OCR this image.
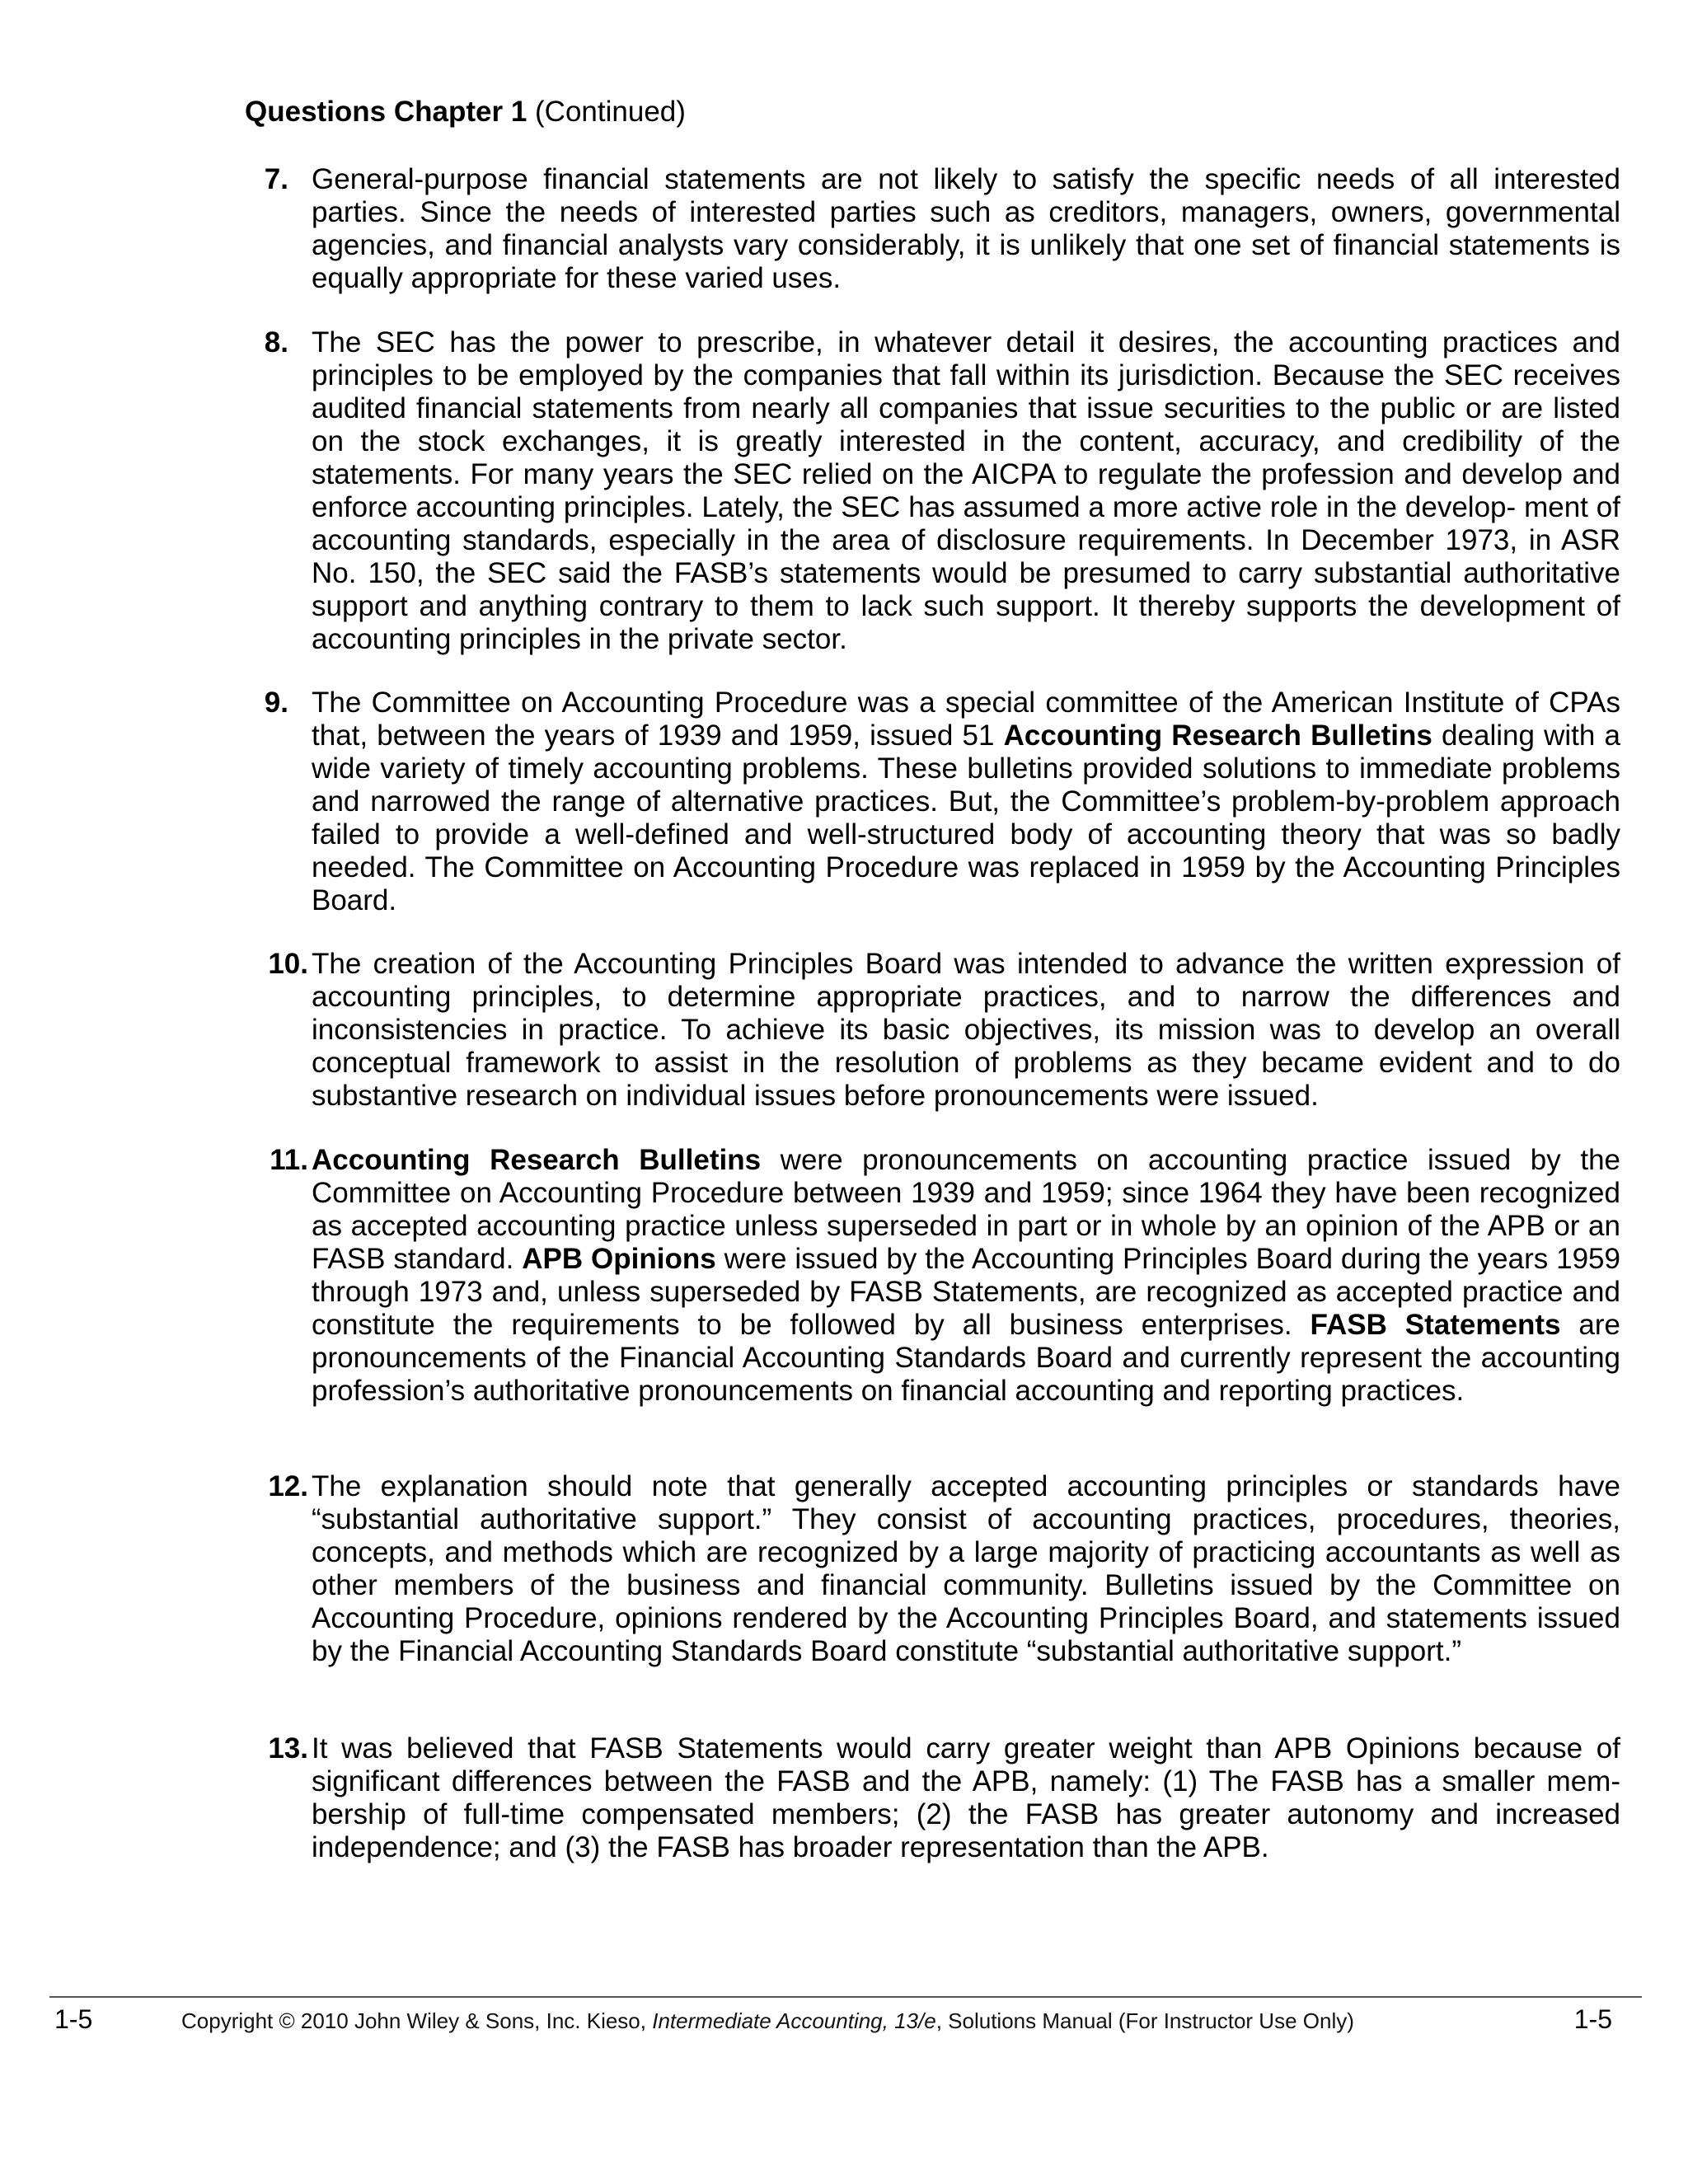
Questions Chapter 1 (Continued)
7. General-purpose financial statements are not likely to satisfy the specific needs of all interested parties. Since the needs of interested parties such as creditors, managers, owners, governmental agencies, and financial analysts vary considerably, it is unlikely that one set of financial statements is equally appropriate for these varied uses.
8. The SEC has the power to prescribe, in whatever detail it desires, the accounting practices and principles to be employed by the companies that fall within its jurisdiction. Because the SEC receives audited financial statements from nearly all companies that issue securities to the public or are listed on the stock exchanges, it is greatly interested in the content, accuracy, and credibility of the statements. For many years the SEC relied on the AICPA to regulate the profession and develop and enforce accounting principles. Lately, the SEC has assumed a more active role in the develop- ment of accounting standards, especially in the area of disclosure requirements. In December 1973, in ASR No. 150, the SEC said the FASB’s statements would be presumed to carry substantial authoritative support and anything contrary to them to lack such support. It thereby supports the development of accounting principles in the private sector.
9. The Committee on Accounting Procedure was a special committee of the American Institute of CPAs that, between the years of 1939 and 1959, issued 51 Accounting Research Bulletins dealing with a wide variety of timely accounting problems. These bulletins provided solutions to immediate problems and narrowed the range of alternative practices. But, the Committee’s problem-by-problem approach failed to provide a well-defined and well-structured body of accounting theory that was so badly needed. The Committee on Accounting Procedure was replaced in 1959 by the Accounting Principles Board.
10. The creation of the Accounting Principles Board was intended to advance the written expression of accounting principles, to determine appropriate practices, and to narrow the differences and inconsistencies in practice. To achieve its basic objectives, its mission was to develop an overall conceptual framework to assist in the resolution of problems as they became evident and to do substantive research on individual issues before pronouncements were issued.
11. Accounting Research Bulletins were pronouncements on accounting practice issued by the Committee on Accounting Procedure between 1939 and 1959; since 1964 they have been recognized as accepted accounting practice unless superseded in part or in whole by an opinion of the APB or an FASB standard. APB Opinions were issued by the Accounting Principles Board during the years 1959 through 1973 and, unless superseded by FASB Statements, are recognized as accepted practice and constitute the requirements to be followed by all business enterprises. FASB Statements are pronouncements of the Financial Accounting Standards Board and currently represent the accounting profession’s authoritative pronouncements on financial accounting and reporting practices.
12. The explanation should note that generally accepted accounting principles or standards have “substantial authoritative support.” They consist of accounting practices, procedures, theories, concepts, and methods which are recognized by a large majority of practicing accountants as well as other members of the business and financial community. Bulletins issued by the Committee on Accounting Procedure, opinions rendered by the Accounting Principles Board, and statements issued by the Financial Accounting Standards Board constitute “substantial authoritative support.”
13. It was believed that FASB Statements would carry greater weight than APB Opinions because of significant differences between the FASB and the APB, namely: (1) The FASB has a smaller mem- bership of full-time compensated members; (2) the FASB has greater autonomy and increased independence; and (3) the FASB has broader representation than the APB.
1-5	Copyright © 2010 John Wiley & Sons, Inc. Kieso, Intermediate Accounting, 13/e, Solutions Manual (For Instructor Use Only)	1-5
